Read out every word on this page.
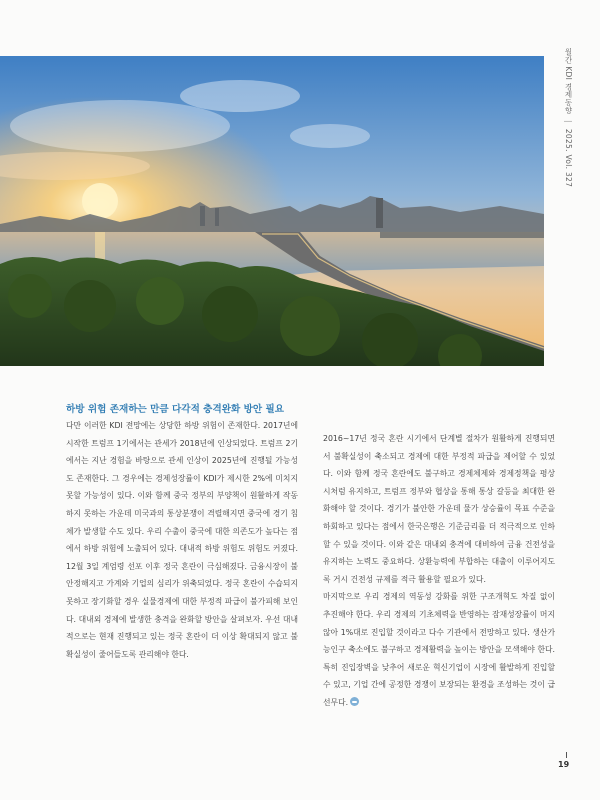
월간 KDI 경제동향|2025. Vol. 327

하방 위험 존재하는 만큼 다각적 충격완화 방안 필요

다만 이러한 KDI 전망에는 상당한 하방 위험이 존재한다. 2017년에 시작한 트럼프 1기에서는 관세가 2018년에 인상되었다. 트럼프 2기에서는 지난 경험을 바탕으로 관세 인상이 2025년에 진행될 가능성도 존재한다. 그 경우에는 경제성장률이 KDI가 제시한 2%에 미치지 못할 가능성이 있다. 이와 함께 중국 정부의 부양책이 원활하게 작동하지 못하는 가운데 미국과의 통상분쟁이 격렬해지면 중국에 경기 침체가 발생할 수도 있다. 우리 수출이 중국에 대한 의존도가 높다는 점에서 하방 위험에 노출되어 있다. 대내적 하방 위험도 위험도 커졌다. 12월 3일 계엄령 선포 이후 정국 혼란이 극심해졌다. 금융시장이 불안정해지고 가계와 기업의 심리가 위축되었다. 정국 혼란이 수습되지 못하고 장기화할 경우 실물경제에 대한 부정적 파급이 불가피해 보인다. 대내외 경제에 발생한 충격을 완화할 방안을 살펴보자. 우선 대내적으로는 현재 진행되고 있는 정국 혼란이 더 이상 확대되지 않고 불확실성이 줄어들도록 관리해야 한다.

2016~17년 정국 혼란 시기에서 단계별 절차가 원활하게 진행되면서 불확실성이 축소되고 경제에 대한 부정적 파급을 제어할 수 있었다. 이와 함께 정국 혼란에도 불구하고 경제체제와 경제정책을 평상시처럼 유지하고, 트럼프 정부와 협상을 통해 통상 갈등을 최대한 완화해야 할 것이다. 경기가 불안한 가운데 물가 상승률이 목표 수준을 하회하고 있다는 점에서 한국은행은 기준금리를 더 적극적으로 인하할 수 있을 것이다. 이와 같은 대내외 충격에 대비하여 금융 건전성을 유지하는 노력도 중요하다. 상환능력에 부합하는 대출이 이루어지도록 거시 건전성 규제를 적극 활용할 필요가 있다.

마지막으로 우리 경제의 역동성 강화를 위한 구조개혁도 차질 없이 추진해야 한다. 우리 경제의 기초체력을 반영하는 잠재성장률이 머지않아 1%대로 진입할 것이라고 다수 기관에서 전망하고 있다. 생산가능인구 축소에도 불구하고 경제활력을 높이는 방안을 모색해야 한다. 특히 진입장벽을 낮추어 새로운 혁신기업이 시장에 활발하게 진입할 수 있고, 기업 간에 공정한 경쟁이 보장되는 환경을 조성하는 것이 급선무다.

19
